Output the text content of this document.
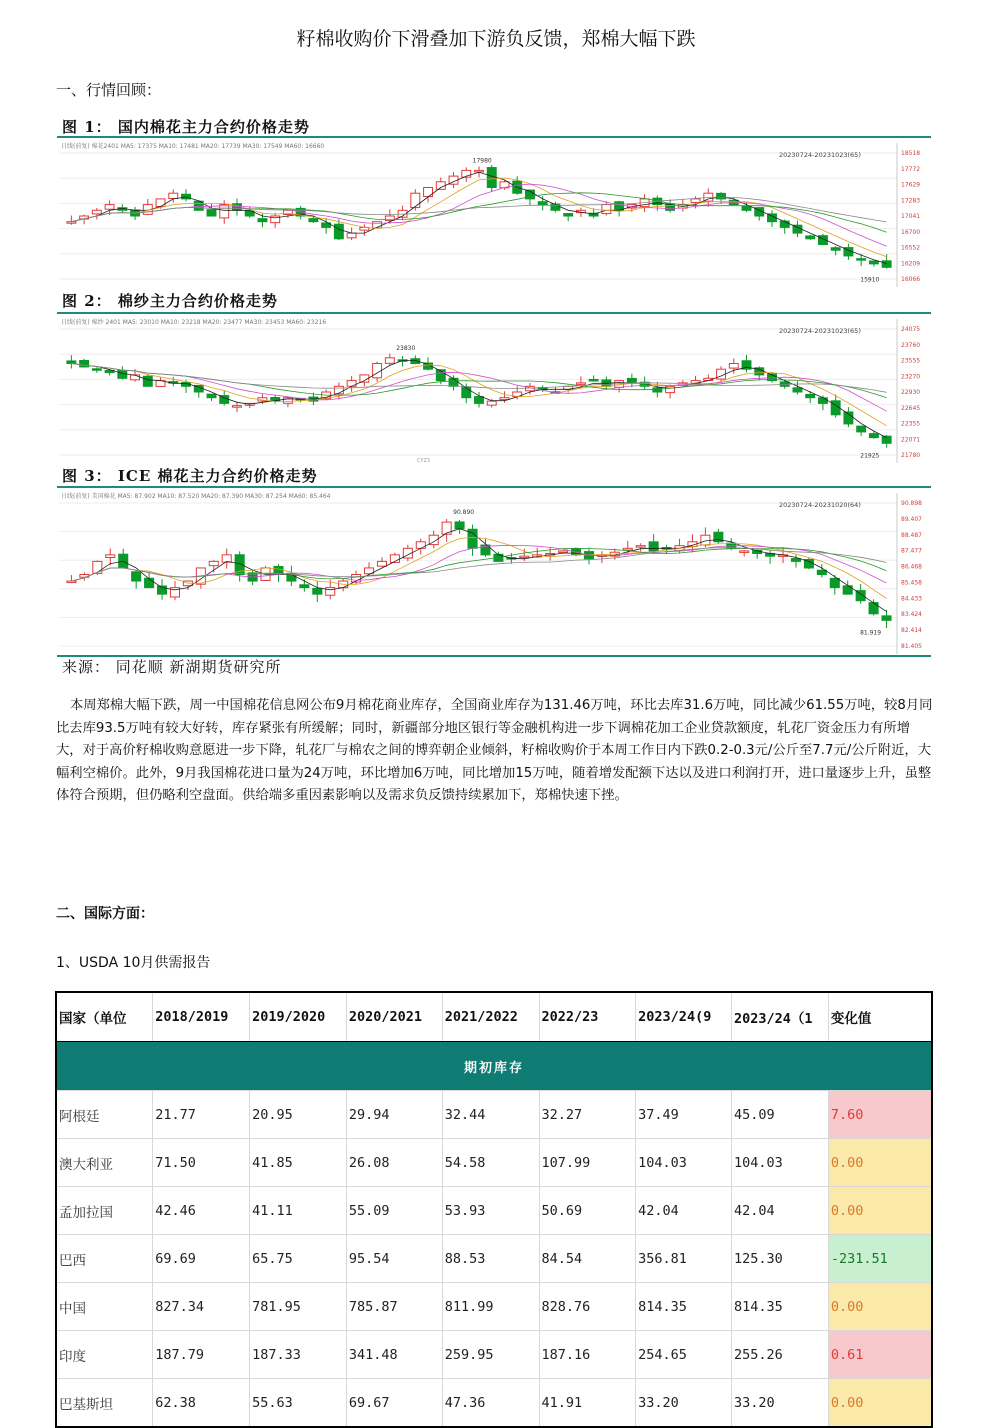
籽棉收购价下滑叠加下游负反馈，郑棉大幅下跌
一、行情回顾：
图 1： 国内棉花主力合约价格走势
日线(前复) 棉花2401 MA5: 17375 MA10: 17481 MA20: 17739 MA30: 17549 MA60: 16660
20230724-20231023(65)	18518
17772
17629
17283
17041
16700
16552
16209
16066
17980
15910
图 2： 棉纱主力合约价格走势
日线(前复) 棉纱 2401 MA5: 23010 MA10: 23218 MA20: 23477 MA30: 23453 MA60: 23216
20230724-20231023(65)	24075
23760
23555
23270
22930
22645
22355
22071
21780
23830
21925
CYZ3
图 3： ICE 棉花主力合约价格走势
日线(前复) 美国棉花 MA5: 87.902 MA10: 87.520 MA20: 87.390 MA30: 87.254 MA60: 85.464
20230724-20231020(64)	90.898
89.407
88.487
87.477
86.468
85.458
84.433
83.424
82.414
81.405
90.890
81.919
来源： 同花顺 新湖期货研究所
本周郑棉大幅下跌，周一中国棉花信息网公布9月棉花商业库存，全国商业库存为131.46万吨，环比去库31.6万吨，同比减少61.55万吨，较8月同比去库93.5万吨有较大好转，库存紧张有所缓解；同时，新疆部分地区银行等金融机构进一步下调棉花加工企业贷款额度，轧花厂资金压力有所增大，对于高价籽棉收购意愿进一步下降，轧花厂与棉农之间的博弈朝企业倾斜，籽棉收购价于本周工作日内下跌0.2-0.3元/公斤至7.7元/公斤附近，大幅利空棉价。此外，9月我国棉花进口量为24万吨，环比增加6万吨，同比增加15万吨，随着增发配额下达以及进口利润打开，进口量逐步上升，虽整体符合预期，但仍略利空盘面。供给端多重因素影响以及需求负反馈持续累加下，郑棉快速下挫。
二、国际方面：
1、USDA 10月供需报告
国家（单位	2018/2019	2019/2020	2020/2021	2021/2022	2022/23	2023/24(9	2023/24（1	变化值
期初库存								
阿根廷	21.77	20.95	29.94	32.44	32.27	37.49	45.09	7.60
澳大利亚	71.50	41.85	26.08	54.58	107.99	104.03	104.03	0.00
孟加拉国	42.46	41.11	55.09	53.93	50.69	42.04	42.04	0.00
巴西	69.69	65.75	95.54	88.53	84.54	356.81	125.30	-231.51
中国	827.34	781.95	785.87	811.99	828.76	814.35	814.35	0.00
印度	187.79	187.33	341.48	259.95	187.16	254.65	255.26	0.61
巴基斯坦	62.38	55.63	69.67	47.36	41.91	33.20	33.20	0.00
